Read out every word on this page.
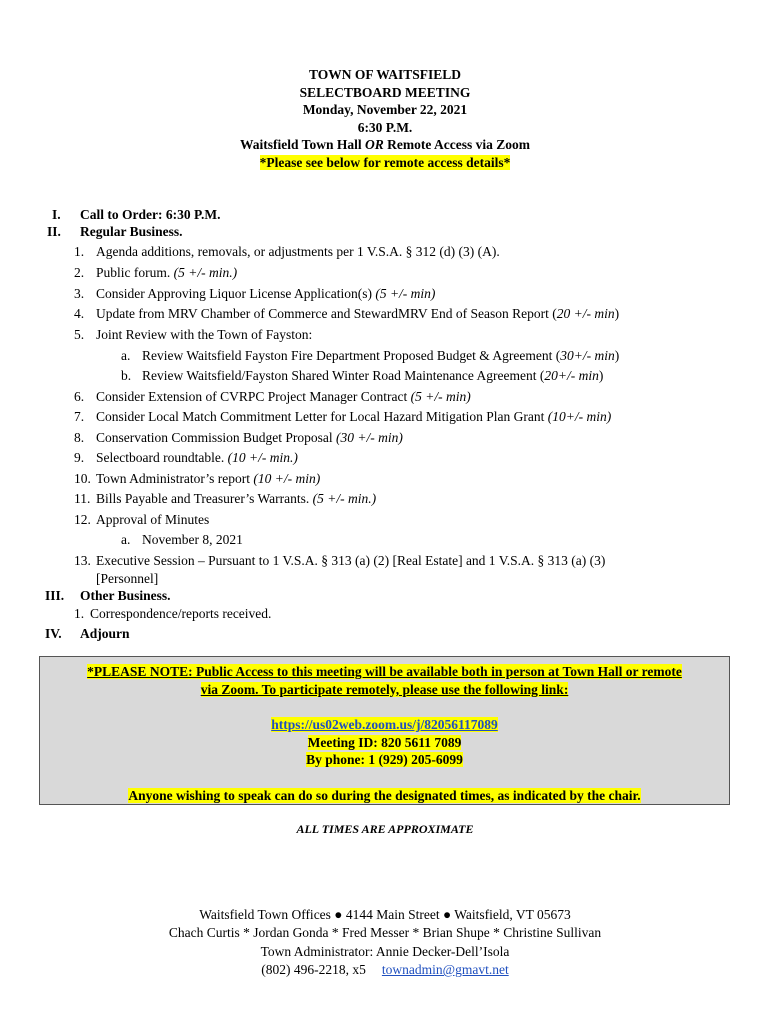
TOWN OF WAITSFIELD
SELECTBOARD MEETING
Monday, November 22, 2021
6:30 P.M.
Waitsfield Town Hall OR Remote Access via Zoom
*Please see below for remote access details*
I. Call to Order: 6:30 P.M.
II. Regular Business.
1. Agenda additions, removals, or adjustments per 1 V.S.A. § 312 (d) (3) (A).
2. Public forum. (5 +/- min.)
3. Consider Approving Liquor License Application(s) (5 +/- min)
4. Update from MRV Chamber of Commerce and StewardMRV End of Season Report (20 +/- min)
5. Joint Review with the Town of Fayston:
a. Review Waitsfield Fayston Fire Department Proposed Budget & Agreement (30+/- min)
b. Review Waitsfield/Fayston Shared Winter Road Maintenance Agreement (20+/- min)
6. Consider Extension of CVRPC Project Manager Contract (5 +/- min)
7. Consider Local Match Commitment Letter for Local Hazard Mitigation Plan Grant (10+/- min)
8. Conservation Commission Budget Proposal (30 +/- min)
9. Selectboard roundtable. (10 +/- min.)
10. Town Administrator’s report (10 +/- min)
11. Bills Payable and Treasurer’s Warrants. (5 +/- min.)
12. Approval of Minutes
a. November 8, 2021
13. Executive Session – Pursuant to 1 V.S.A. § 313 (a) (2) [Real Estate] and 1 V.S.A. § 313 (a) (3)
[Personnel]
III. Other Business.
1. Correspondence/reports received.
IV. Adjourn
*PLEASE NOTE: Public Access to this meeting will be available both in person at Town Hall or remote
via Zoom. To participate remotely, please use the following link:
https://us02web.zoom.us/j/82056117089
Meeting ID: 820 5611 7089
By phone: 1 (929) 205-6099
Anyone wishing to speak can do so during the designated times, as indicated by the chair.
ALL TIMES ARE APPROXIMATE
Waitsfield Town Offices ● 4144 Main Street ● Waitsfield, VT 05673
Chach Curtis * Jordan Gonda * Fred Messer * Brian Shupe * Christine Sullivan
Town Administrator: Annie Decker-Dell’Isola
(802) 496-2218, x5 townadmin@gmavt.net
